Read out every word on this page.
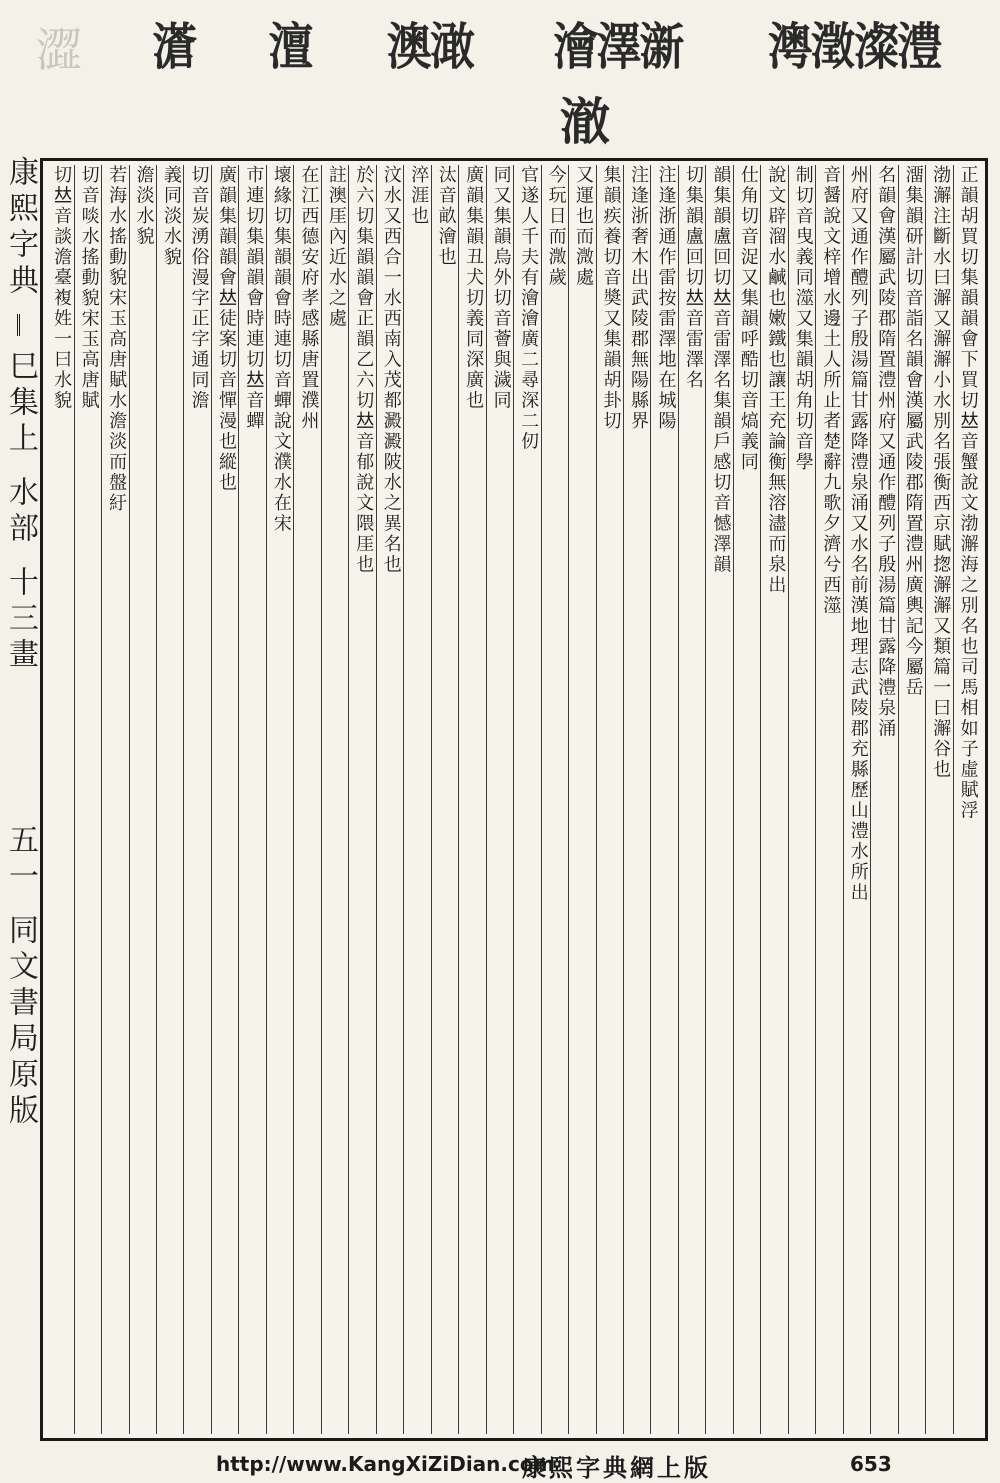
澀 濸 澶 澳澉 澮澤澵 澚澂澯澧
澈
康熙字典
巳集上
水部
十三畫
五一
同文書局原版
正韻胡買切集韻韻會下買切𠀤音蟹說文渤澥海之別名也司馬相如子虛賦浮
渤澥注斷水曰澥又澥澥小水別名張衡西京賦揔澥澥又類篇一曰澥谷也
澑集韻研計切音詣名韻會漢屬武陵郡隋置澧州廣輿記今屬岳
名韻會漢屬武陵郡隋置澧州府又通作醴列子殷湯篇甘露降澧泉涌
州府又通作醴列子殷湯篇甘露降澧泉涌又水名前漢地理志武陵郡充縣歷山澧水所出
音醤說文梓增水邊土人所止者楚辭九歌夕濟兮西澨
制切音曳義同澨又集韻胡角切音學
說文辟溜水鹹也嫩鐵也讓王充論衡無溶濜而泉出
仕角切音浞又集韻呼酷切音熇義同
韻集韻盧回切𠀤音雷澤名集韻戶感切音憾澤韻
切集韻盧回切𠀤音雷澤名
注逢浙通作雷按雷澤地在城陽
注逢浙奢木出武陵郡無陽縣界
集韻疾養切音奬又集韻胡卦切
又運也而溦處
今玩日而溦歲
官遂人千夫有澮澮廣二尋深二仞
同又集韻烏外切音薈與濊同
廣韻集韻丑犬切義同深廣也
汰音畝澮也
淬涯也
汶水又西合一水西南入茂都澱澱陂水之異名也
於六切集韻韻會正韻乙六切𠀤音郁說文隈厓也
註澳厓內近水之處
在江西德安府孝感縣唐置濮州
壞緣切集韻韻會時連切音蟬說文濮水在宋
市連切集韻韻會時連切𠀤音蟬
廣韻集韻韻會𠀤徒案切音憚漫也縱也
切音炭湧俗漫字正字通同澹
義同淡水貌
澹淡水貌
若海水搖動貌宋玉高唐賦水澹淡而盤紆
切音啖水搖動貌宋玉高唐賦
切𠀤音談澹臺複姓一曰水貌
http://www.KangXiZiDian.com
康熙字典網上版	653
